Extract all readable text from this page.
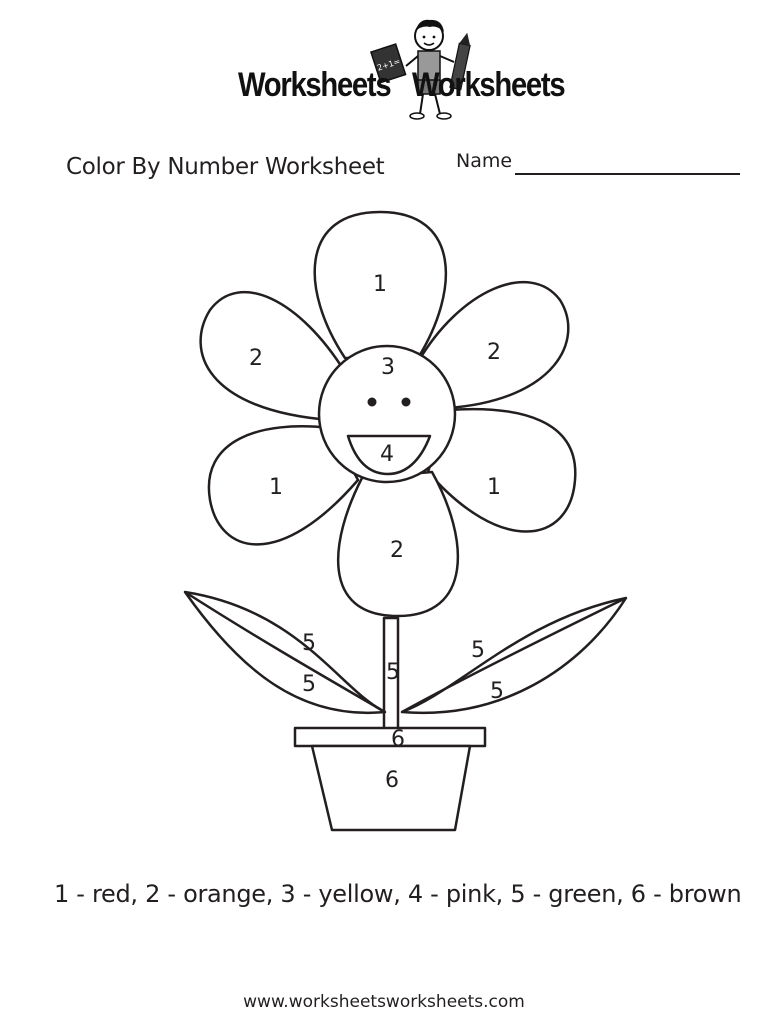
2+1=
Worksheets Worksheets
Color By Number Worksheet	Name
1
2	2
3
4
1	1
2
5
5	5
5
5
6
6
1 - red, 2 - orange, 3 - yellow, 4 - pink, 5 - green, 6 - brown
www.worksheetsworksheets.com
